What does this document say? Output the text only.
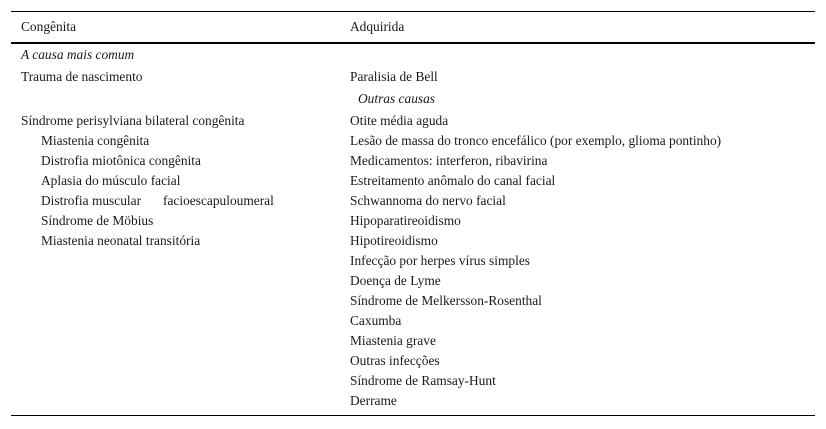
Congênita	Adquirida
A causa mais comum
Trauma de nascimento	Paralisia de Bell
Outras causas
Síndrome perisylviana bilateral congênita
Miastenia congênita
Distrofia miotônica congênita
Aplasia do músculo facial
Distrofia muscular facioescapuloumeral
Síndrome de Möbius
Miastenia neonatal transitória
Otite média aguda
Lesão de massa do tronco encefálico (por exemplo, glioma pontinho)
Medicamentos: interferon, ribavirina
Estreitamento anômalo do canal facial
Schwannoma do nervo facial
Hipoparatireoidismo
Hipotireoidismo
Infecção por herpes vírus simples
Doença de Lyme
Síndrome de Melkersson-Rosenthal
Caxumba
Miastenia grave
Outras infecções
Síndrome de Ramsay-Hunt
Derrame
